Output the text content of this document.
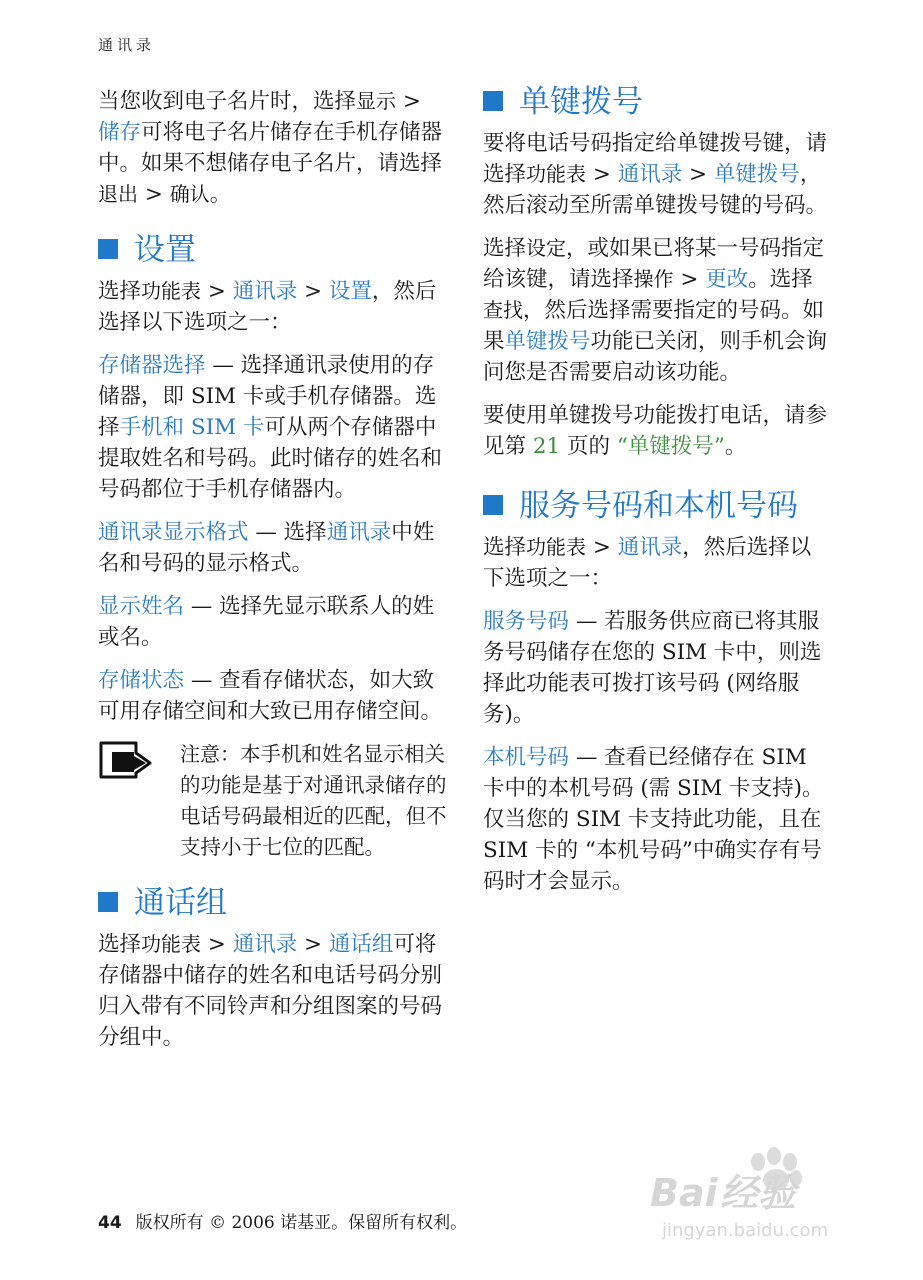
通讯录

当您收到电子名片时，选择显示 > 储存可将电子名片储存在手机存储器中。如果不想储存电子名片，请选择退出 > 确认。

设置

选择功能表 > 通讯录 > 设置，然后选择以下选项之一：

存储器选择 — 选择通讯录使用的存储器，即 SIM 卡或手机存储器。选择手机和 SIM 卡可从两个存储器中提取姓名和号码。此时储存的姓名和号码都位于手机存储器内。

通讯录显示格式 — 选择通讯录中姓名和号码的显示格式。

显示姓名 — 选择先显示联系人的姓或名。

存储状态 — 查看存储状态，如大致可用存储空间和大致已用存储空间。

注意：本手机和姓名显示相关的功能是基于对通讯录储存的电话号码最相近的匹配，但不支持小于七位的匹配。

通话组

选择功能表 > 通讯录 > 通话组可将存储器中储存的姓名和电话号码分别归入带有不同铃声和分组图案的号码分组中。

单键拨号

要将电话号码指定给单键拨号键，请选择功能表 > 通讯录 > 单键拨号，然后滚动至所需单键拨号键的号码。

选择设定，或如果已将某一号码指定给该键，请选择操作 > 更改。选择查找，然后选择需要指定的号码。如果单键拨号功能已关闭，则手机会询问您是否需要启动该功能。

要使用单键拨号功能拨打电话，请参见第 21 页的 “单键拨号”。

服务号码和本机号码

选择功能表 > 通讯录，然后选择以下选项之一：

服务号码 — 若服务供应商已将其服务号码储存在您的 SIM 卡中，则选择此功能表可拨打该号码 (网络服务)。

本机号码 — 查看已经储存在 SIM 卡中的本机号码 (需 SIM 卡支持)。仅当您的 SIM 卡支持此功能，且在 SIM 卡的 “本机号码”中确实存有号码时才会显示。

44 版权所有 © 2006 诺基亚。保留所有权利。
Bai 经验
jingyan.baidu.com
